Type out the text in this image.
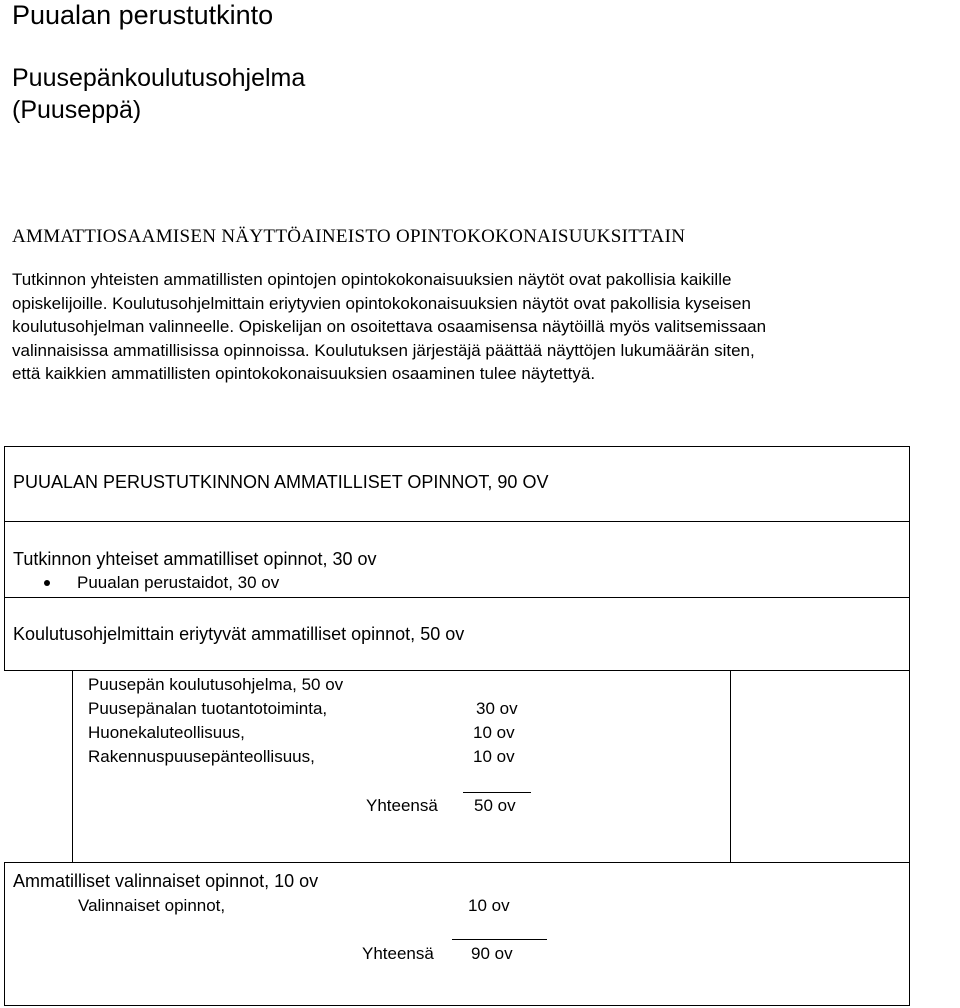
Puualan perustutkinto
Puusepänkoulutusohjelma
(Puuseppä)
AMMATTIOSAAMISEN NÄYTTÖAINEISTO OPINTOKOKONAISUUKSITTAIN
Tutkinnon yhteisten ammatillisten opintojen opintokokonaisuuksien näytöt ovat pakollisia kaikille
opiskelijoille. Koulutusohjelmittain eriytyvien opintokokonaisuuksien näytöt ovat pakollisia kyseisen
koulutusohjelman valinneelle. Opiskelijan on osoitettava osaamisensa näytöillä myös valitsemissaan
valinnaisissa ammatillisissa opinnoissa. Koulutuksen järjestäjä päättää näyttöjen lukumäärän siten,
että kaikkien ammatillisten opintokokonaisuuksien osaaminen tulee näytettyä.
PUUALAN PERUSTUTKINNON AMMATILLISET OPINNOT, 90 OV
Tutkinnon yhteiset ammatilliset opinnot, 30 ov
Puualan perustaidot, 30 ov
Koulutusohjelmittain eriytyvät ammatilliset opinnot, 50 ov
Puusepän koulutusohjelma, 50 ov
Puusepänalan tuotantotoiminta,	30 ov
Huonekaluteollisuus,	10 ov
Rakennuspuusepänteollisuus,	10 ov
Yhteensä 50 ov
Ammatilliset valinnaiset opinnot, 10 ov
Valinnaiset opinnot,	10 ov
Yhteensä 90 ov
